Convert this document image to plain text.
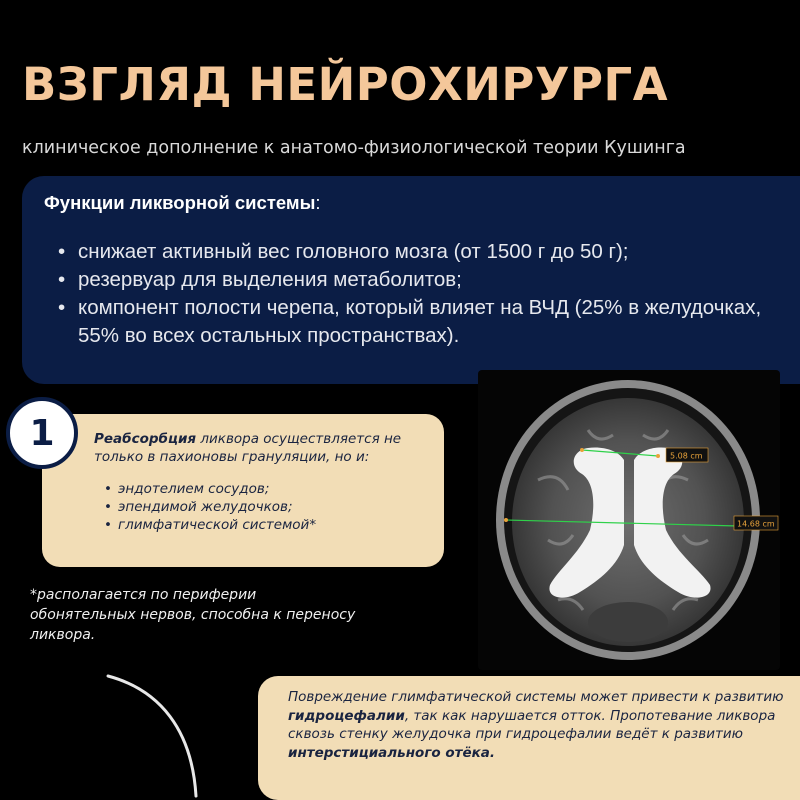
ВЗГЛЯД НЕЙРОХИРУРГА
клиническое дополнение к анатомо-физиологической теории Кушинга
Функции ликворной системы:
• снижает активный вес головного мозга (от 1500 г до 50 г);
• резервуар для выделения метаболитов;
• компонент полости черепа, который влияет на ВЧД (25% в желудочках, 55% во всех остальных пространствах).
5.08 cm
14.68 cm
1	Реабсорбция ликвора осуществляется не только в пахионовы грануляции, но и:

• эндотелием сосудов;
• эпендимой желудочков;
• глимфатической системой*

*располагается по периферии обонятельных нервов, способна к переносу ликвора.

Повреждение глимфатической системы может привести к развитию гидроцефалии, так как нарушается отток. Пропотевание ликвора сквозь стенку желудочка при гидроцефалии ведёт к развитию интерстициального отёка.
